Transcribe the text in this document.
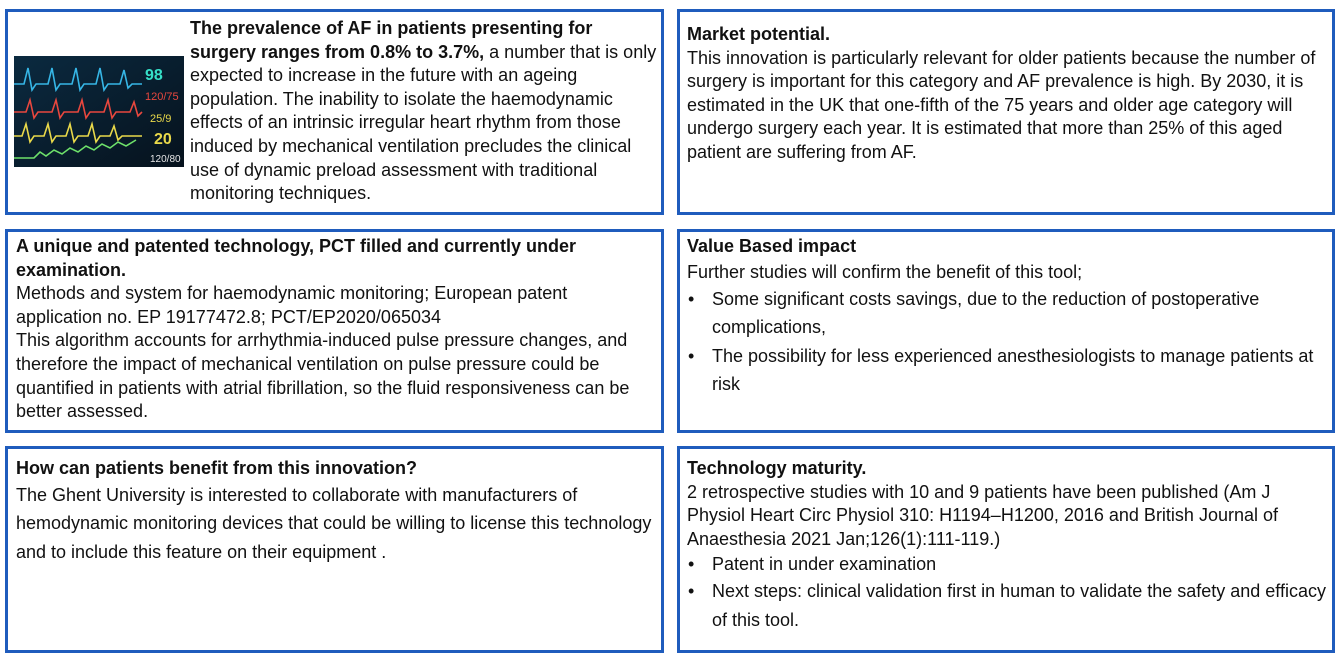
98
120/75
25/9
20
120/80

The prevalence of AF in patients presenting for surgery ranges from 0.8% to 3.7%, a number that is only expected to increase in the future with an ageing population. The inability to isolate the haemodynamic effects of an intrinsic irregular heart rhythm from those induced by mechanical ventilation precludes the clinical use of dynamic preload assessment with traditional monitoring techniques.

Market potential.

This innovation is particularly relevant for older patients because the number of surgery is important for this category and AF prevalence is high. By 2030, it is estimated in the UK that one-fifth of the 75 years and older age category will undergo surgery each year. It is estimated that more than 25% of this aged patient are suffering from AF.

A unique and patented technology, PCT filled and currently under examination.

Methods and system for haemodynamic monitoring; European patent application no. EP 19177472.8; PCT/EP2020/065034

This algorithm accounts for arrhythmia-induced pulse pressure changes, and therefore the impact of mechanical ventilation on pulse pressure could be quantified in patients with atrial fibrillation, so the fluid responsiveness can be better assessed.

Value Based impact

Further studies will confirm the benefit of this tool;

• Some significant costs savings, due to the reduction of postoperative complications,
• The possibility for less experienced anesthesiologists to manage patients at risk

How can patients benefit from this innovation?

The Ghent University is interested to collaborate with manufacturers of hemodynamic monitoring devices that could be willing to license this technology and to include this feature on their equipment .

Technology maturity.

2 retrospective studies with 10 and 9 patients have been published (Am J Physiol Heart Circ Physiol 310: H1194–H1200, 2016 and British Journal of Anaesthesia 2021 Jan;126(1):111-119.)

• Patent in under examination
• Next steps: clinical validation first in human to validate the safety and efficacy of this tool.
